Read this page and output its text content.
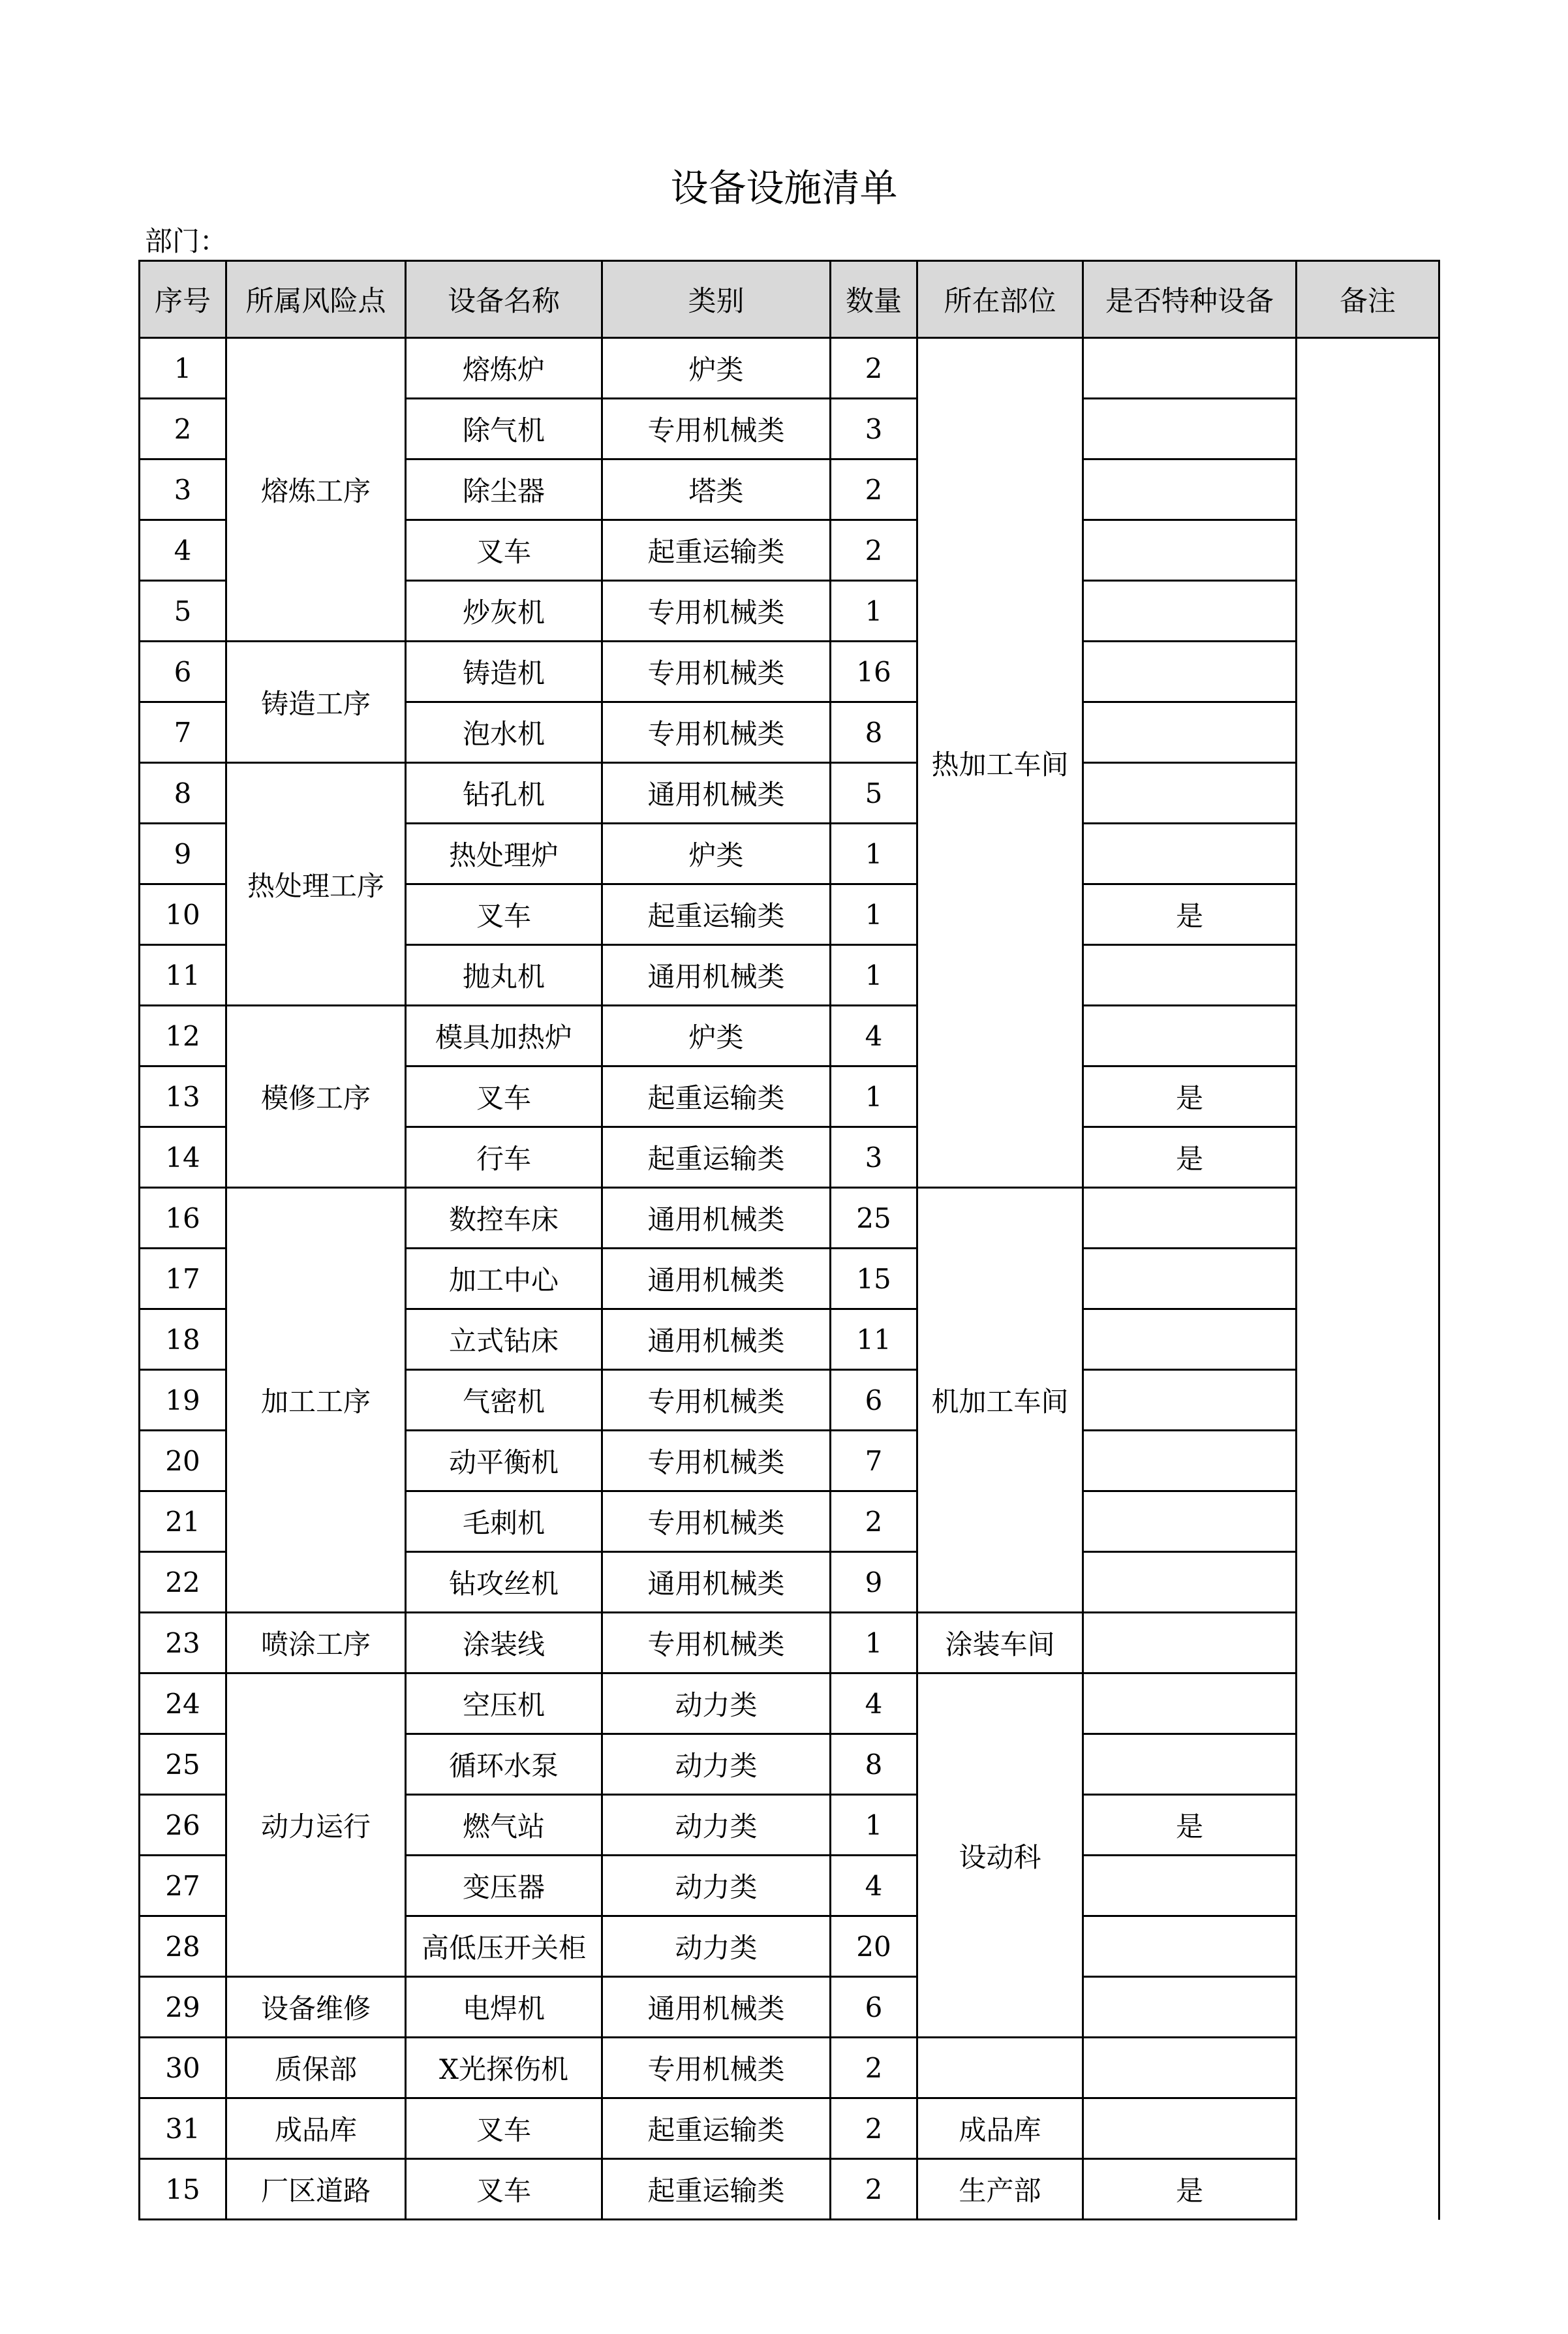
设备设施清单
部门：
序号	所属风险点	设备名称	类别	数量	所在部位	是否特种设备	备注
1	熔炼工序	熔炼炉	炉类	2	热加工车间		
2		除气机	专用机械类	3			
3		除尘器	塔类	2			
4		叉车	起重运输类	2			
5		炒灰机	专用机械类	1			
6	铸造工序	铸造机	专用机械类	16			
7		泡水机	专用机械类	8			
8	热处理工序	钻孔机	通用机械类	5			
9		热处理炉	炉类	1			
10		叉车	起重运输类	1		是	
11		抛丸机	通用机械类	1			
12	模修工序	模具加热炉	炉类	4			
13		叉车	起重运输类	1		是	
14		行车	起重运输类	3		是	
16	加工工序	数控车床	通用机械类	25	机加工车间		
17		加工中心	通用机械类	15			
18		立式钻床	通用机械类	11			
19		气密机	专用机械类	6			
20		动平衡机	专用机械类	7			
21		毛刺机	专用机械类	2			
22		钻攻丝机	通用机械类	9			
23	喷涂工序	涂装线	专用机械类	1	涂装车间		
24	动力运行	空压机	动力类	4	设动科		
25		循环水泵	动力类	8			
26		燃气站	动力类	1		是	
27		变压器	动力类	4			
28		高低压开关柜	动力类	20			
29	设备维修	电焊机	通用机械类	6			
30	质保部	X光探伤机	专用机械类	2			
31	成品库	叉车	起重运输类	2	成品库		
15	厂区道路	叉车	起重运输类	2	生产部	是	
